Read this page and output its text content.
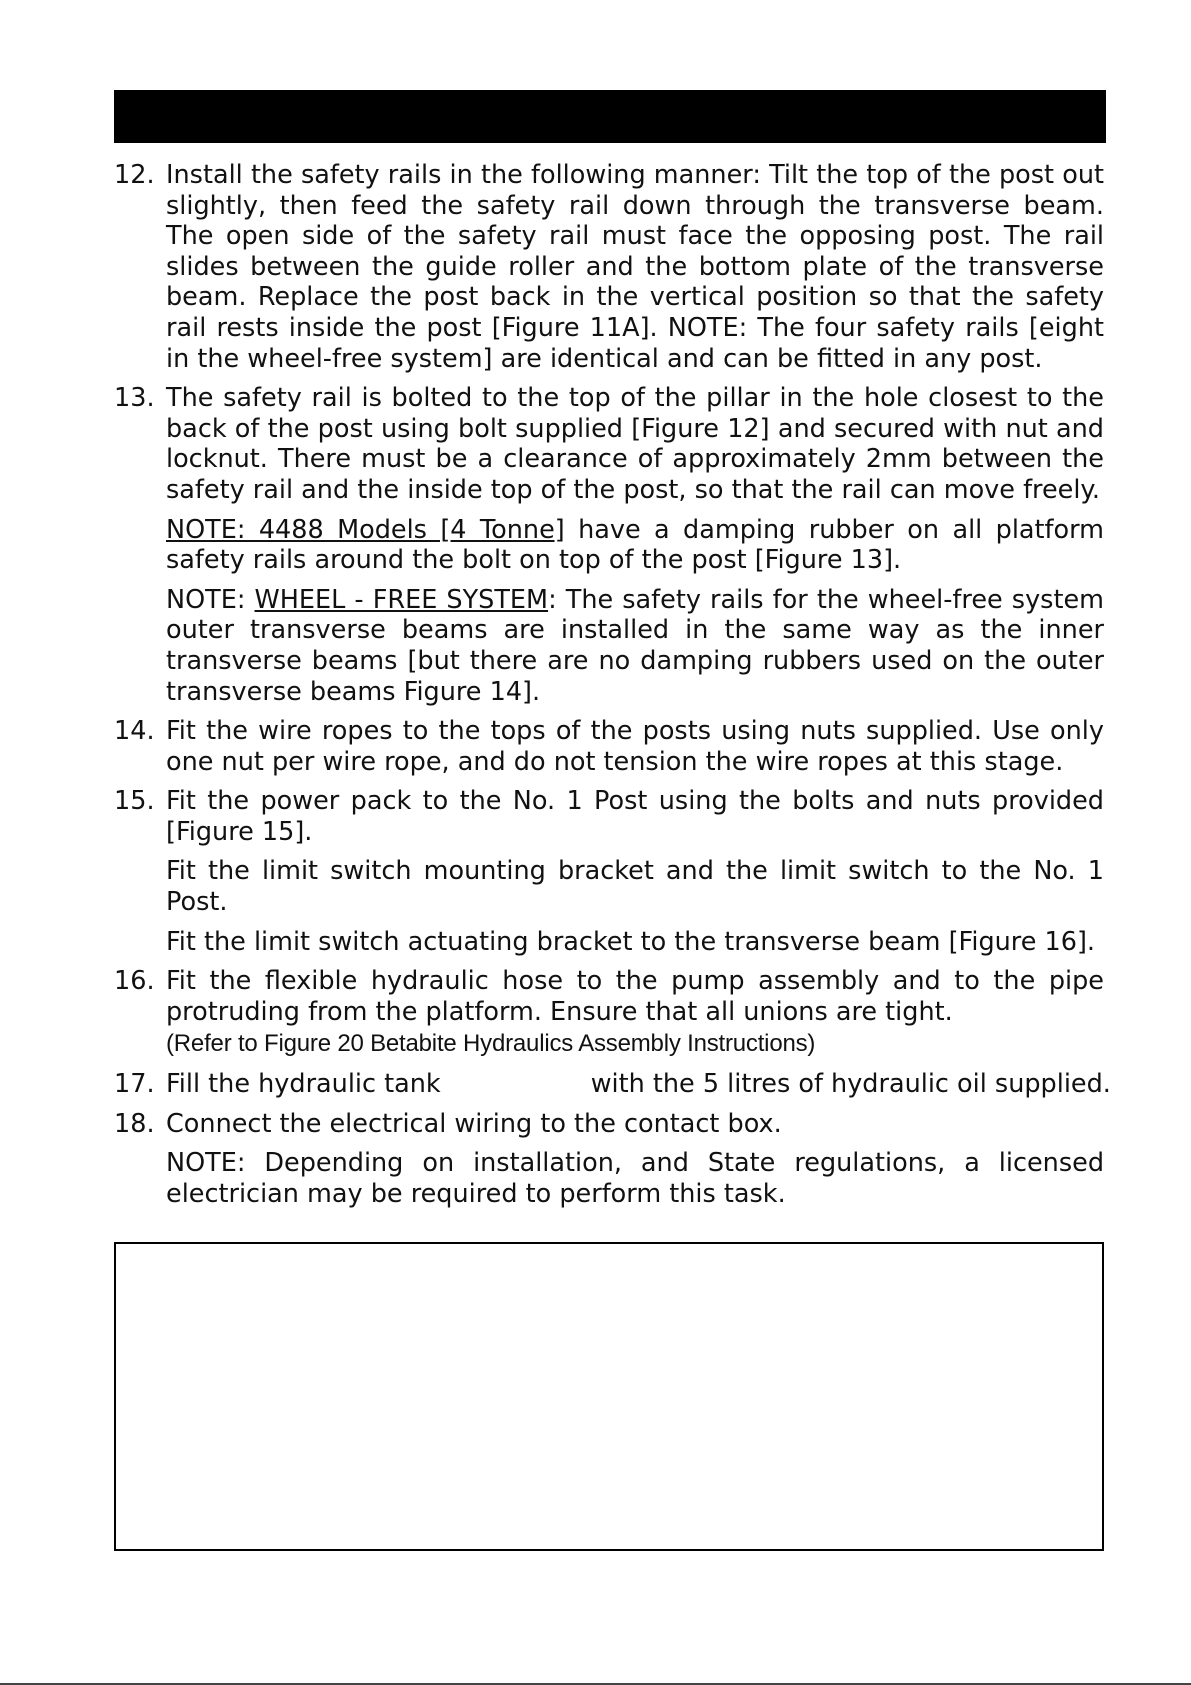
12. Install the safety rails in the following manner: Tilt the top of the post out slightly, then feed the safety rail down through the transverse beam. The open side of the safety rail must face the opposing post. The rail slides between the guide roller and the bottom plate of the transverse beam. Replace the post back in the vertical position so that the safety rail rests inside the post [Figure 11A]. NOTE: The four safety rails [eight in the wheel-free system] are identical and can be fitted in any post.

13. The safety rail is bolted to the top of the pillar in the hole closest to the back of the post using bolt supplied [Figure 12] and secured with nut and locknut. There must be a clearance of approximately 2mm between the safety rail and the inside top of the post, so that the rail can move freely.

NOTE: 4488 Models [4 Tonne] have a damping rubber on all platform safety rails around the bolt on top of the post [Figure 13].

NOTE: WHEEL - FREE SYSTEM: The safety rails for the wheel-free system outer transverse beams are installed in the same way as the inner transverse beams [but there are no damping rubbers used on the outer transverse beams Figure 14].

14. Fit the wire ropes to the tops of the posts using nuts supplied. Use only one nut per wire rope, and do not tension the wire ropes at this stage.

15. Fit the power pack to the No. 1 Post using the bolts and nuts provided [Figure 15].

Fit the limit switch mounting bracket and the limit switch to the No. 1 Post.

Fit the limit switch actuating bracket to the transverse beam [Figure 16].

16. Fit the flexible hydraulic hose to the pump assembly and to the pipe protruding from the platform. Ensure that all unions are tight.

(Refer to Figure 20 Betabite Hydraulics Assembly Instructions)

17. Fill the hydraulic tank	with the 5 litres of hydraulic oil supplied.

18. Connect the electrical wiring to the contact box.

NOTE: Depending on installation, and State regulations, a licensed electrician may be required to perform this task.
